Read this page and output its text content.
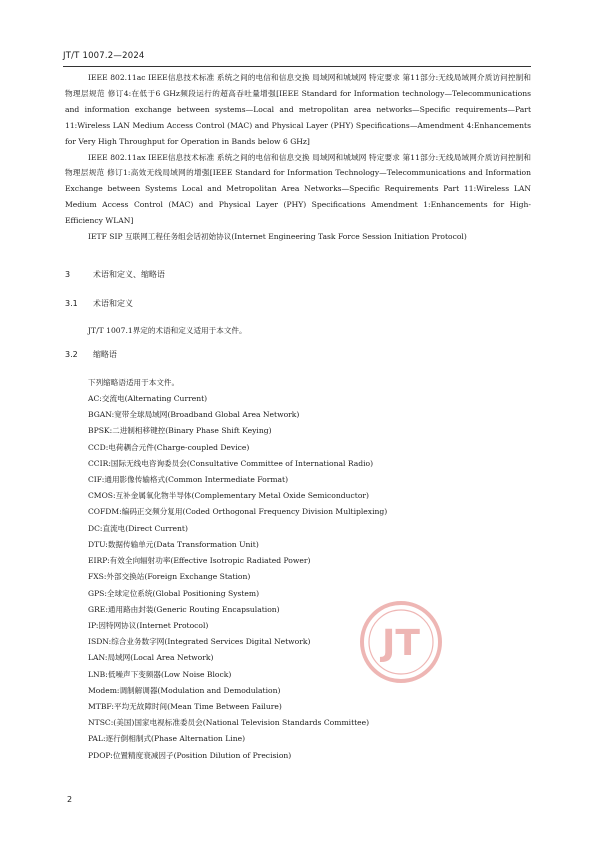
JT/T 1007.2—2024

IEEE 802.11ac IEEE信息技术标准 系统之间的电信和信息交换 局域网和城域网 特定要求 第11部分:无线局域网介质访问控制和物理层规范 修订4:在低于6 GHz频段运行的超高吞吐量增强[IEEE Standard for Information technology—Telecommunications and information exchange between systems—Local and metropolitan area networks—Specific requirements—Part 11:Wireless LAN Medium Access Control (MAC) and Physical Layer (PHY) Specifications—Amendment 4:Enhancements for Very High Throughput for Operation in Bands below 6 GHz]

IEEE 802.11ax IEEE信息技术标准 系统之间的电信和信息交换 局域网和城域网 特定要求 第11部分:无线局域网介质访问控制和物理层规范 修订1:高效无线局域网的增强[IEEE Standard for Information Technology—Telecommunications and Information Exchange between Systems Local and Metropolitan Area Networks—Specific Requirements Part 11:Wireless LAN Medium Access Control (MAC) and Physical Layer (PHY) Specifications Amendment 1:Enhancements for High-Efficiency WLAN]

IETF SIP 互联网工程任务组会话初始协议(Internet Engineering Task Force Session Initiation Protocol)

3	术语和定义、缩略语
3.1 术语和定义

JT/T 1007.1界定的术语和定义适用于本文件。

3.2 缩略语
下列缩略语适用于本文件。
AC:交流电(Alternating Current)
BGAN:宽带全球局域网(Broadband Global Area Network)
BPSK:二进制相移键控(Binary Phase Shift Keying)
CCD:电荷耦合元件(Charge-coupled Device)
CCIR:国际无线电咨询委员会(Consultative Committee of International Radio)
CIF:通用影像传输格式(Common Intermediate Format)
CMOS:互补金属氧化物半导体(Complementary Metal Oxide Semiconductor)
COFDM:编码正交频分复用(Coded Orthogonal Frequency Division Multiplexing)
DC:直流电(Direct Current)
DTU:数据传输单元(Data Transformation Unit)
EIRP:有效全向辐射功率(Effective Isotropic Radiated Power)
FXS:外部交换站(Foreign Exchange Station)
GPS:全球定位系统(Global Positioning System)
GRE:通用路由封装(Generic Routing Encapsulation)
IP:因特网协议(Internet Protocol)
ISDN:综合业务数字网(Integrated Services Digital Network)
LAN:局域网(Local Area Network)
LNB:低噪声下变频器(Low Noise Block)
Modem:调制解调器(Modulation and Demodulation)
MTBF:平均无故障时间(Mean Time Between Failure)
NTSC:(美国)国家电视标准委员会(National Television Standards Committee)
PAL:逐行倒相制式(Phase Alternation Line)
PDOP:位置精度衰减因子(Position Dilution of Precision)
JT
2
